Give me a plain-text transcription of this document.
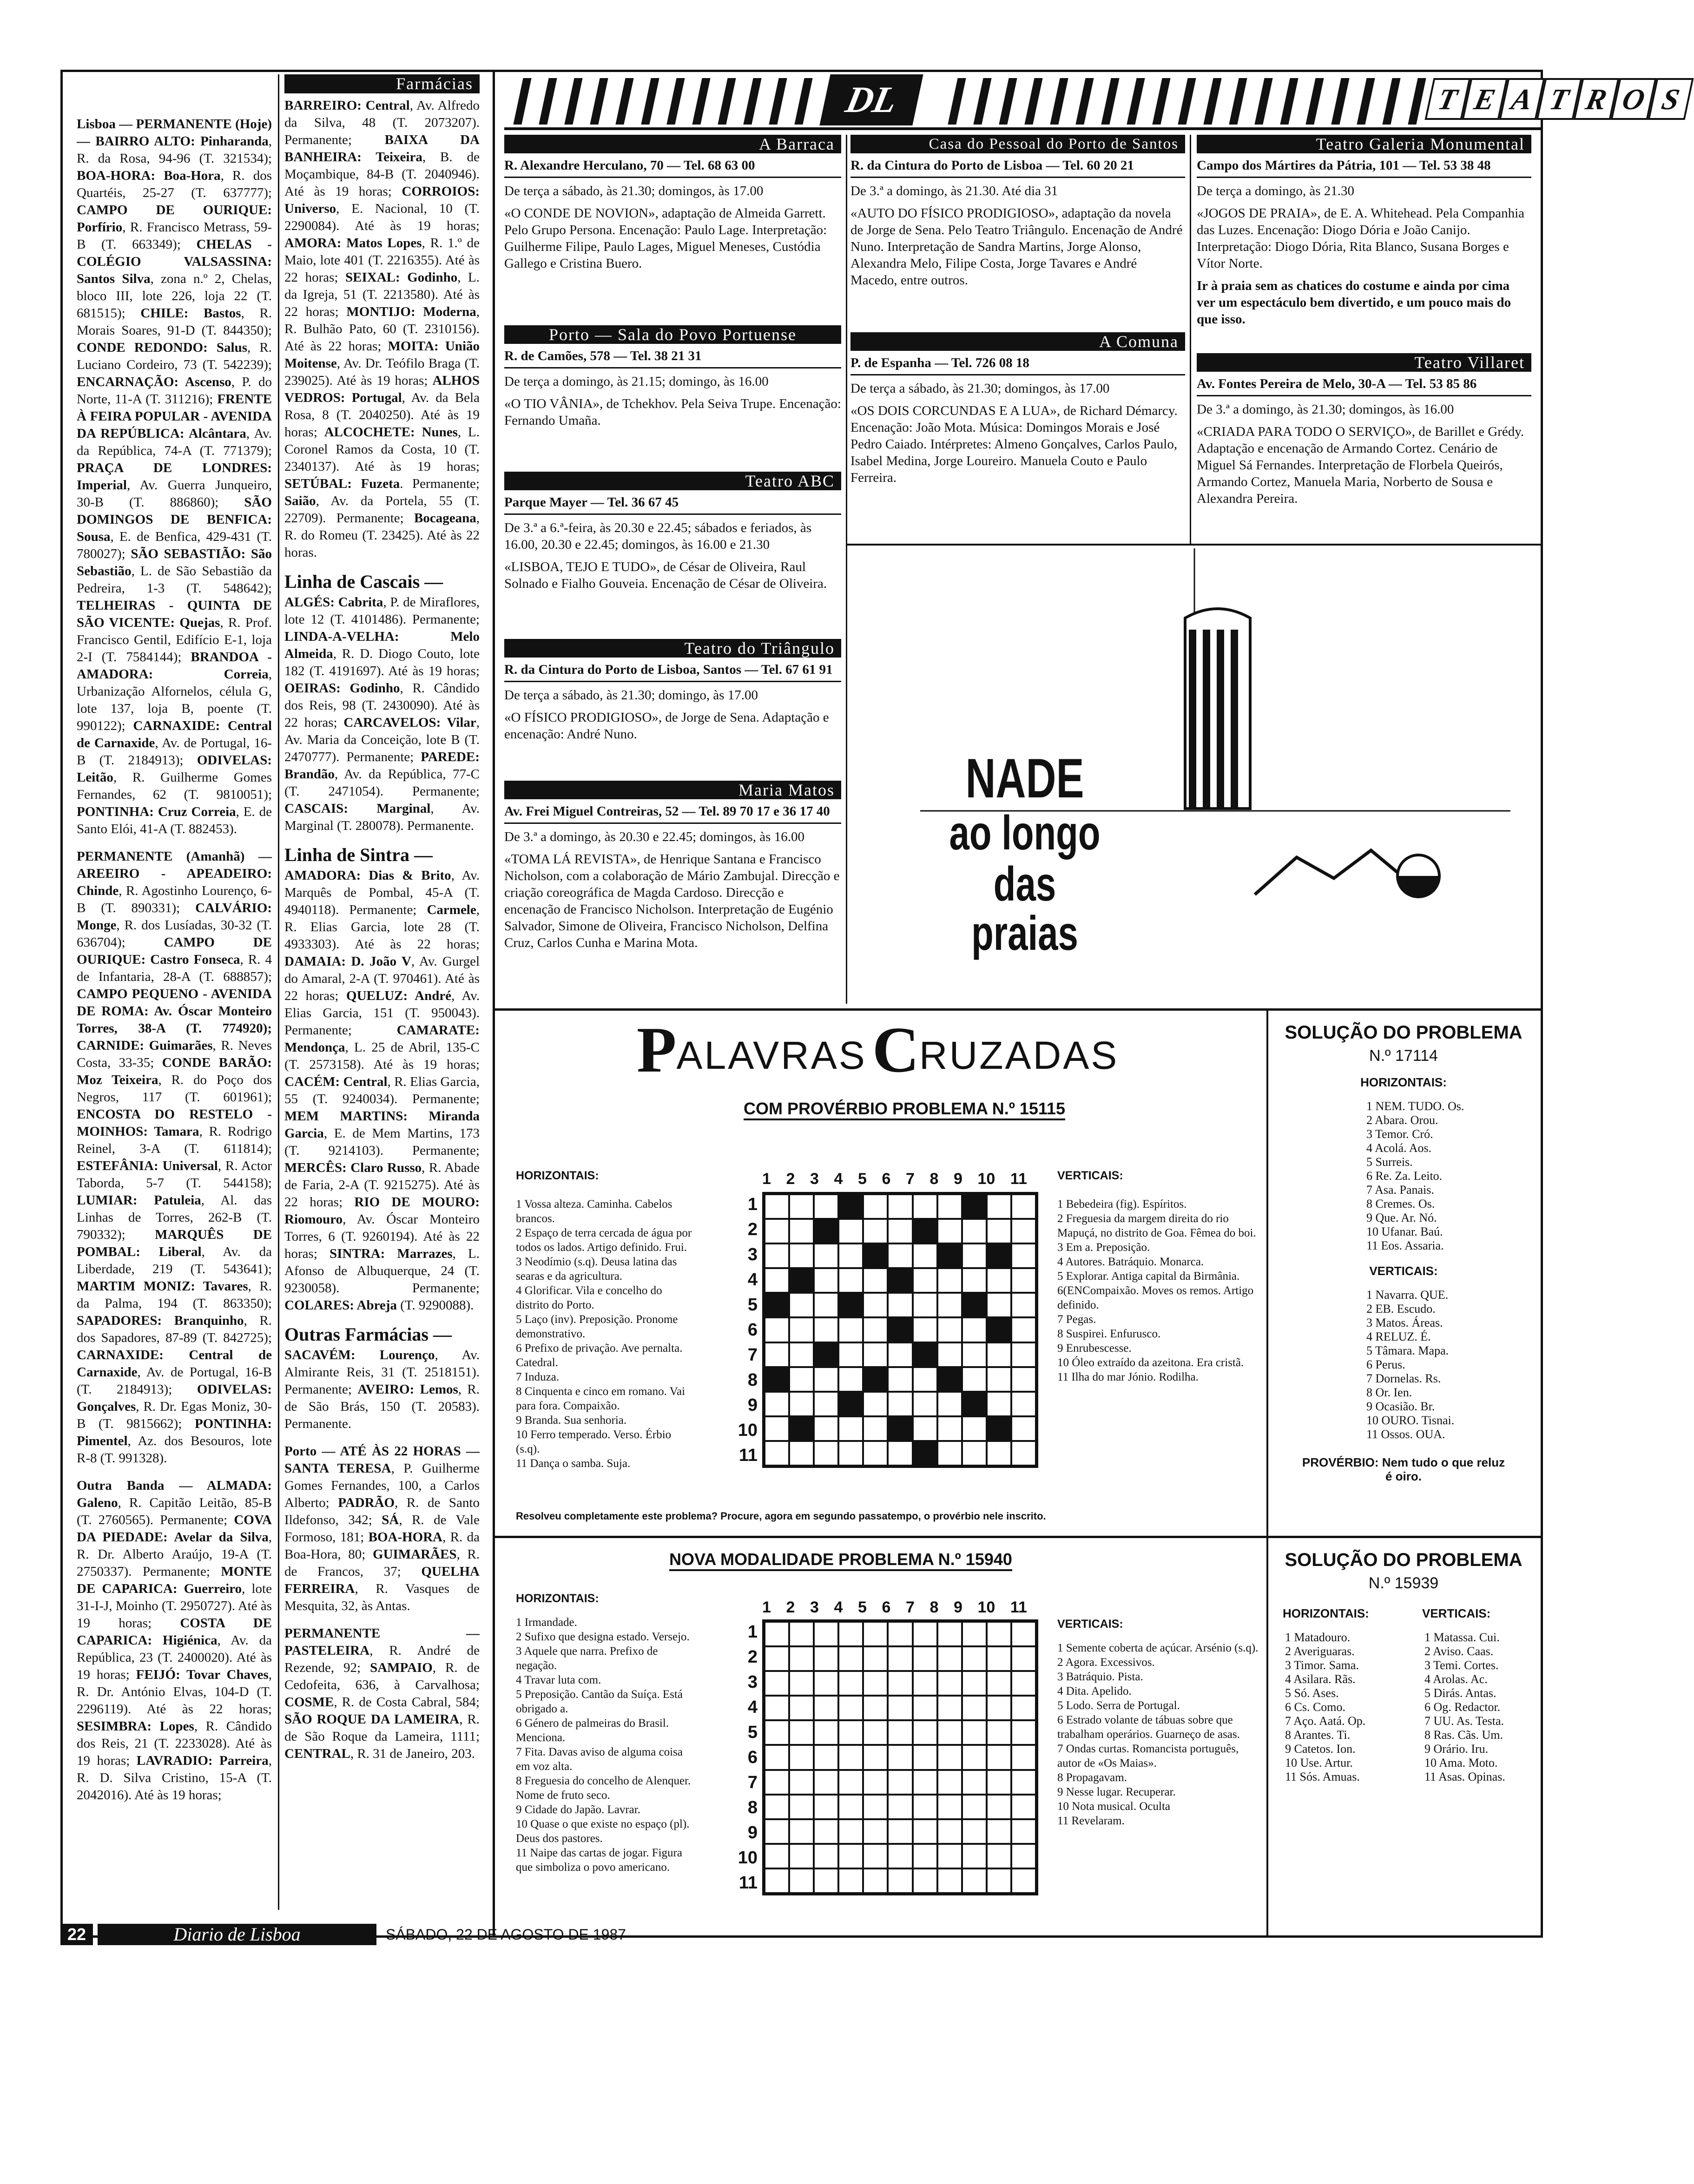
Lisboa — PERMANENTE (Hoje) — BAIRRO ALTO: Pinharanda, R. da Rosa, 94-96 (T. 321534); BOA-HORA: Boa-Hora, R. dos Quartéis, 25-27 (T. 637777); CAMPO DE OURIQUE: Porfírio, R. Francisco Metrass, 59-B (T. 663349); CHELAS - COLÉGIO VALSASSINA: Santos Silva, zona n.º 2, Chelas, bloco III, lote 226, loja 22 (T. 681515); CHILE: Bastos, R. Morais Soares, 91-D (T. 844350); CONDE REDONDO: Salus, R. Luciano Cordeiro, 73 (T. 542239); ENCARNAÇÃO: Ascenso, P. do Norte, 11-A (T. 311216); FRENTE À FEIRA POPULAR - AVENIDA DA REPÚBLICA: Alcântara, Av. da República, 74-A (T. 771379); PRAÇA DE LONDRES: Imperial, Av. Guerra Junqueiro, 30-B (T. 886860); SÃO DOMINGOS DE BENFICA: Sousa, E. de Benfica, 429-431 (T. 780027); SÃO SEBASTIÃO: São Sebastião, L. de São Sebastião da Pedreira, 1-3 (T. 548642); TELHEIRAS - QUINTA DE SÃO VICENTE: Quejas, R. Prof. Francisco Gentil, Edifício E-1, loja 2-I (T. 7584144); BRANDOA - AMADORA: Correia, Urbanização Alfornelos, célula G, lote 137, loja B, poente (T. 990122); CARNAXIDE: Central de Carnaxide, Av. de Portugal, 16-B (T. 2184913); ODIVELAS: Leitão, R. Guilherme Gomes Fernandes, 62 (T. 9810051); PONTINHA: Cruz Correia, E. de Santo Elói, 41-A (T. 882453).
PERMANENTE (Amanhã) — AREEIRO - APEADEIRO: Chinde, R. Agostinho Lourenço, 6-B (T. 890331); CALVÁRIO: Monge, R. dos Lusíadas, 30-32 (T. 636704); CAMPO DE OURIQUE: Castro Fonseca, R. 4 de Infantaria, 28-A (T. 688857); CAMPO PEQUENO - AVENIDA DE ROMA: Av. Óscar Monteiro Torres, 38-A (T. 774920); CARNIDE: Guimarães, R. Neves Costa, 33-35; CONDE BARÃO: Moz Teixeira, R. do Poço dos Negros, 117 (T. 601961); ENCOSTA DO RESTELO - MOINHOS: Tamara, R. Rodrigo Reinel, 3-A (T. 611814); ESTEFÂNIA: Universal, R. Actor Taborda, 5-7 (T. 544158); LUMIAR: Patuleia, Al. das Linhas de Torres, 262-B (T. 790332); MARQUÊS DE POMBAL: Liberal, Av. da Liberdade, 219 (T. 543641); MARTIM MONIZ: Tavares, R. da Palma, 194 (T. 863350); SAPADORES: Branquinho, R. dos Sapadores, 87-89 (T. 842725); CARNAXIDE: Central de Carnaxide, Av. de Portugal, 16-B (T. 2184913); ODIVELAS: Gonçalves, R. Dr. Egas Moniz, 30-B (T. 9815662); PONTINHA: Pimentel, Az. dos Besouros, lote R-8 (T. 991328).
Outra Banda — ALMADA: Galeno, R. Capitão Leitão, 85-B (T. 2760565). Permanente; COVA DA PIEDADE: Avelar da Silva, R. Dr. Alberto Araújo, 19-A (T. 2750337). Permanente; MONTE DE CAPARICA: Guerreiro, lote 31-I-J, Moinho (T. 2950727). Até às 19 horas; COSTA DE CAPARICA: Higiénica, Av. da República, 23 (T. 2400020). Até às 19 horas; FEIJÓ: Tovar Chaves, R. Dr. António Elvas, 104-D (T. 2296119). Até às 22 horas; SESIMBRA: Lopes, R. Cândido dos Reis, 21 (T. 2233028). Até às 19 horas; LAVRADIO: Parreira, R. D. Silva Cristino, 15-A (T. 2042016). Até às 19 horas;
Farmácias
BARREIRO: Central, Av. Alfredo da Silva, 48 (T. 2073207). Permanente; BAIXA DA BANHEIRA: Teixeira, B. de Moçambique, 84-B (T. 2040946). Até às 19 horas; CORROIOS: Universo, E. Nacional, 10 (T. 2290084). Até às 19 horas; AMORA: Matos Lopes, R. 1.º de Maio, lote 401 (T. 2216355). Até às 22 horas; SEIXAL: Godinho, L. da Igreja, 51 (T. 2213580). Até às 22 horas; MONTIJO: Moderna, R. Bulhão Pato, 60 (T. 2310156). Até às 22 horas; MOITA: União Moitense, Av. Dr. Teófilo Braga (T. 239025). Até às 19 horas; ALHOS VEDROS: Portugal, Av. da Bela Rosa, 8 (T. 2040250). Até às 19 horas; ALCOCHETE: Nunes, L. Coronel Ramos da Costa, 10 (T. 2340137). Até às 19 horas; SETÚBAL: Fuzeta. Permanente; Saião, Av. da Portela, 55 (T. 22709). Permanente; Bocageana, R. do Romeu (T. 23425). Até às 22 horas.
Linha de Cascais —
ALGÉS: Cabrita, P. de Miraflores, lote 12 (T. 4101486). Permanente; LINDA-A-VELHA: Melo Almeida, R. D. Diogo Couto, lote 182 (T. 4191697). Até às 19 horas; OEIRAS: Godinho, R. Cândido dos Reis, 98 (T. 2430090). Até às 22 horas; CARCAVELOS: Vilar, Av. Maria da Conceição, lote B (T. 2470777). Permanente; PAREDE: Brandão, Av. da República, 77-C (T. 2471054). Permanente; CASCAIS: Marginal, Av. Marginal (T. 280078). Permanente.
Linha de Sintra —
AMADORA: Dias & Brito, Av. Marquês de Pombal, 45-A (T. 4940118). Permanente; Carmele, R. Elias Garcia, lote 28 (T. 4933303). Até às 22 horas; DAMAIA: D. João V, Av. Gurgel do Amaral, 2-A (T. 970461). Até às 22 horas; QUELUZ: André, Av. Elias Garcia, 151 (T. 950043). Permanente; CAMARATE: Mendonça, L. 25 de Abril, 135-C (T. 2573158). Até às 19 horas; CACÉM: Central, R. Elias Garcia, 55 (T. 9240034). Permanente; MEM MARTINS: Miranda Garcia, E. de Mem Martins, 173 (T. 9214103). Permanente; MERCÊS: Claro Russo, R. Abade de Faria, 2-A (T. 9215275). Até às 22 horas; RIO DE MOURO: Riomouro, Av. Óscar Monteiro Torres, 6 (T. 9260194). Até às 22 horas; SINTRA: Marrazes, L. Afonso de Albuquerque, 24 (T. 9230058). Permanente; COLARES: Abreja (T. 9290088).
Outras Farmácias —
SACAVÉM: Lourenço, Av. Almirante Reis, 31 (T. 2518151). Permanente; AVEIRO: Lemos, R. de São Brás, 150 (T. 20583). Permanente.
Porto — ATÉ ÀS 22 HORAS — SANTA TERESA, P. Guilherme Gomes Fernandes, 100, a Carlos Alberto; PADRÃO, R. de Santo Ildefonso, 342; SÁ, R. de Vale Formoso, 181; BOA-HORA, R. da Boa-Hora, 80; GUIMARÃES, R. de Francos, 37; QUELHA FERREIRA, R. Vasques de Mesquita, 32, às Antas.
PERMANENTE — PASTELEIRA, R. André de Rezende, 92; SAMPAIO, R. de Cedofeita, 636, à Carvalhosa; COSME, R. de Costa Cabral, 584; SÃO ROQUE DA LAMEIRA, R. de São Roque da Lameira, 1111; CENTRAL, R. 31 de Janeiro, 203.
DL	T E A T R O S
A Barraca
R. Alexandre Herculano, 70 — Tel. 68 63 00

De terça a sábado, às 21.30; domingos, às 17.00

«O CONDE DE NOVION», adaptação de Almeida Garrett. Pelo Grupo Persona. Encenação: Paulo Lage. Interpretação: Guilherme Filipe, Paulo Lages, Miguel Meneses, Custódia Gallego e Cristina Buero.

Porto — Sala do Povo Portuense
R. de Camões, 578 — Tel. 38 21 31

De terça a domingo, às 21.15; domingo, às 16.00

«O TIO VÂNIA», de Tchekhov. Pela Seiva Trupe. Encenação: Fernando Umaña.

Teatro ABC
Parque Mayer — Tel. 36 67 45

De 3.ª a 6.ª-feira, às 20.30 e 22.45; sábados e feriados, às 16.00, 20.30 e 22.45; domingos, às 16.00 e 21.30

«LISBOA, TEJO E TUDO», de César de Oliveira, Raul Solnado e Fialho Gouveia. Encenação de César de Oliveira.

Teatro do Triângulo
R. da Cintura do Porto de Lisboa, Santos — Tel. 67 61 91

De terça a sábado, às 21.30; domingo, às 17.00

«O FÍSICO PRODIGIOSO», de Jorge de Sena. Adaptação e encenação: André Nuno.

Maria Matos
Av. Frei Miguel Contreiras, 52 — Tel. 89 70 17 e 36 17 40

De 3.ª a domingo, às 20.30 e 22.45; domingos, às 16.00

«TOMA LÁ REVISTA», de Henrique Santana e Francisco Nicholson, com a colaboração de Mário Zambujal. Direcção e criação coreográfica de Magda Cardoso. Direcção e encenação de Francisco Nicholson. Interpretação de Eugénio Salvador, Simone de Oliveira, Francisco Nicholson, Delfina Cruz, Carlos Cunha e Marina Mota.

Casa do Pessoal do Porto de Santos
R. da Cintura do Porto de Lisboa — Tel. 60 20 21

De 3.ª a domingo, às 21.30. Até dia 31

«AUTO DO FÍSICO PRODIGIOSO», adaptação da novela de Jorge de Sena. Pelo Teatro Triângulo. Encenação de André Nuno. Interpretação de Sandra Martins, Jorge Alonso, Alexandra Melo, Filipe Costa, Jorge Tavares e André Macedo, entre outros.

A Comuna
P. de Espanha — Tel. 726 08 18

De terça a sábado, às 21.30; domingos, às 17.00

«OS DOIS CORCUNDAS E A LUA», de Richard Démarcy. Encenação: João Mota. Música: Domingos Morais e José Pedro Caiado. Intérpretes: Almeno Gonçalves, Carlos Paulo, Isabel Medina, Jorge Loureiro. Manuela Couto e Paulo Ferreira.

Teatro Galeria Monumental
Campo dos Mártires da Pátria, 101 — Tel. 53 38 48

De terça a domingo, às 21.30

«JOGOS DE PRAIA», de E. A. Whitehead. Pela Companhia das Luzes. Encenação: Diogo Dória e João Canijo. Interpretação: Diogo Dória, Rita Blanco, Susana Borges e Vítor Norte.

Ir à praia sem as chatices do costume e ainda por cima ver um espectáculo bem divertido, e um pouco mais do que isso.

Teatro Villaret
Av. Fontes Pereira de Melo, 30-A — Tel. 53 85 86

De 3.ª a domingo, às 21.30; domingos, às 16.00

«CRIADA PARA TODO O SERVIÇO», de Barillet e Grédy. Adaptação e encenação de Armando Cortez. Cenário de Miguel Sá Fernandes. Interpretação de Florbela Queirós, Armando Cortez, Manuela Maria, Norberto de Sousa e Alexandra Pereira.

NADE
ao longo
das praias
P ALAVRAS C RUZADAS
COM PROVÉRBIO PROBLEMA N.º 15115
HORIZONTAIS:
1 Vossa alteza. Caminha. Cabelos brancos.
2 Espaço de terra cercada de água por todos os lados. Artigo definido. Frui.
3 Neodímio (s.q). Deusa latina das searas e da agricultura.
4 Glorificar. Vila e concelho do distrito do Porto.
5 Laço (inv). Preposição. Pronome demonstrativo.
6 Prefixo de privação. Ave pernalta. Catedral.
7 Induza.
8 Cinquenta e cinco em romano. Vai para fora. Compaixão.
9 Branda. Sua senhoria.
10 Ferro temperado. Verso. Érbio (s.q).
11 Dança o samba. Suja.
1 2 3 4 5 6 7 8 9 10 11
1
2
3
4
5
6
7
8
9
10
11
VERTICAIS:
1 Bebedeira (fig). Espíritos.
2 Freguesia da margem direita do rio Mapuçá, no distrito de Goa. Fêmea do boi.
3 Em a. Preposição.
4 Autores. Batráquio. Monarca.
5 Explorar. Antiga capital da Birmânia.
6(ENCompaixão. Moves os remos. Artigo definido.
7 Pegas.
8 Suspirei. Enfurusco.
9 Enrubescesse.
10 Óleo extraído da azeitona. Era cristã.
11 Ilha do mar Jónio. Rodilha.
Resolveu completamente este problema? Procure, agora em segundo passatempo, o provérbio nele inscrito.
SOLUÇÃO DO PROBLEMA
N.º 17114
HORIZONTAIS:
1 NEM. TUDO. Os.
2 Abara. Orou.
3 Temor. Cró.
4 Acolá. Aos.
5 Surreis.
6 Re. Za. Leito.
7 Asa. Panais.
8 Cremes. Os.
9 Que. Ar. Nó.
10 Ufanar. Baú.
11 Eos. Assaria.
VERTICAIS:
1 Navarra. QUE.
2 EB. Escudo.
3 Matos. Áreas.
4 RELUZ. É.
5 Tâmara. Mapa.
6 Perus.
7 Dornelas. Rs.
8 Or. Ien.
9 Ocasião. Br.
10 OURO. Tisnai.
11 Ossos. OUA.
PROVÉRBIO: Nem tudo o que reluz é oiro.
NOVA MODALIDADE PROBLEMA N.º 15940
HORIZONTAIS:
1 Irmandade.
2 Sufixo que designa estado. Versejo.
3 Aquele que narra. Prefixo de negação.
4 Travar luta com.
5 Preposição. Cantão da Suíça. Está obrigado a.
6 Género de palmeiras do Brasil. Menciona.
7 Fita. Davas aviso de alguma coisa em voz alta.
8 Freguesia do concelho de Alenquer. Nome de fruto seco.
9 Cidade do Japão. Lavrar.
10 Quase o que existe no espaço (pl). Deus dos pastores.
11 Naipe das cartas de jogar. Figura que simboliza o povo americano.
1 2 3 4 5 6 7 8 9 10 11
1
2
3
4
5
6
7
8
9
10
11
VERTICAIS:
1 Semente coberta de açúcar. Arsénio (s.q).
2 Agora. Excessivos.
3 Batráquio. Pista.
4 Dita. Apelido.
5 Lodo. Serra de Portugal.
6 Estrado volante de tábuas sobre que trabalham operários. Guarneço de asas.
7 Ondas curtas. Romancista português, autor de «Os Maias».
8 Propagavam.
9 Nesse lugar. Recuperar.
10 Nota musical. Oculta
11 Revelaram.
SOLUÇÃO DO PROBLEMA
N.º 15939
HORIZONTAIS:
1 Matadouro.
2 Averiguaras.
3 Timor. Sama.
4 Asilara. Rãs.
5 Só. Ases.
6 Cs. Como.
7 Aço. Aatá. Op.
8 Arantes. Ti.
9 Catetos. Ion.
10 Use. Artur.
11 Sós. Amuas.
VERTICAIS:
1 Matassa. Cui.
2 Aviso. Caas.
3 Temi. Cortes.
4 Arolas. Ac.
5 Dirás. Antas.
6 Og. Redactor.
7 UU. As. Testa.
8 Ras. Cãs. Um.
9 Orário. Iru.
10 Ama. Moto.
11 Asas. Opinas.
22	Diario de Lisboa	SÁBADO, 22 DE AGOSTO DE 1987
